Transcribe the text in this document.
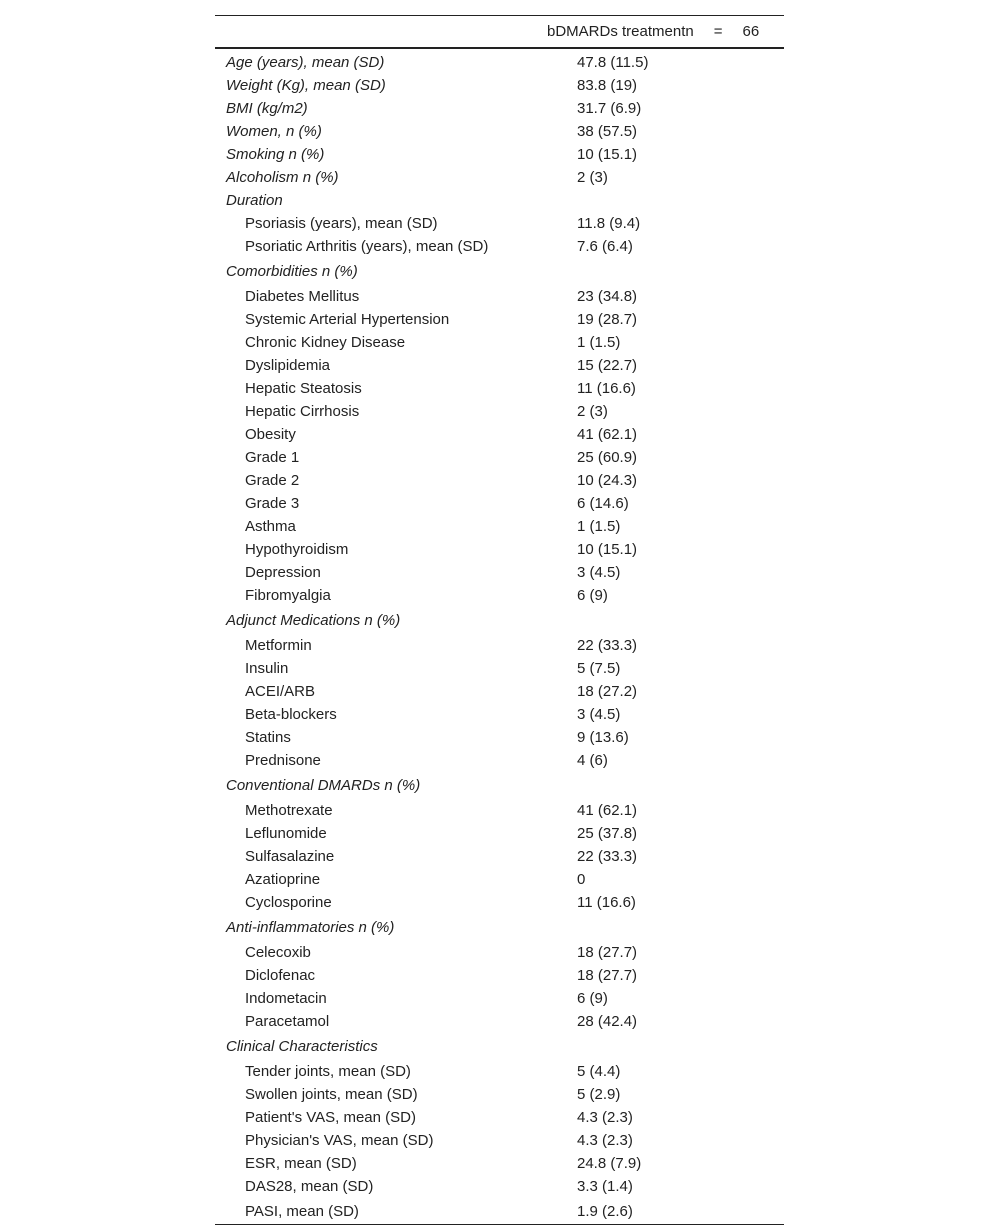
bDMARDs treatmentn = 66	
Age (years), mean (SD)	47.8 (11.5)
Weight (Kg), mean (SD)	83.8 (19)
BMI (kg/m2)	31.7 (6.9)
Women, n (%)	38 (57.5)
Smoking n (%)	10 (15.1)
Alcoholism n (%)	2 (3)
Duration	
Psoriasis (years), mean (SD)	11.8 (9.4)
Psoriatic Arthritis (years), mean (SD)	7.6 (6.4)
Comorbidities n (%)	
Diabetes Mellitus	23 (34.8)
Systemic Arterial Hypertension	19 (28.7)
Chronic Kidney Disease	1 (1.5)
Dyslipidemia	15 (22.7)
Hepatic Steatosis	11 (16.6)
Hepatic Cirrhosis	2 (3)
Obesity	41 (62.1)
Grade 1	25 (60.9)
Grade 2	10 (24.3)
Grade 3	6 (14.6)
Asthma	1 (1.5)
Hypothyroidism	10 (15.1)
Depression	3 (4.5)
Fibromyalgia	6 (9)
Adjunct Medications n (%)	
Metformin	22 (33.3)
Insulin	5 (7.5)
ACEI/ARB	18 (27.2)
Beta-blockers	3 (4.5)
Statins	9 (13.6)
Prednisone	4 (6)
Conventional DMARDs n (%)	
Methotrexate	41 (62.1)
Leflunomide	25 (37.8)
Sulfasalazine	22 (33.3)
Azatioprine	0
Cyclosporine	11 (16.6)
Anti-inflammatories n (%)	
Celecoxib	18 (27.7)
Diclofenac	18 (27.7)
Indometacin	6 (9)
Paracetamol	28 (42.4)
Clinical Characteristics	
Tender joints, mean (SD)	5 (4.4)
Swollen joints, mean (SD)	5 (2.9)
Patient's VAS, mean (SD)	4.3 (2.3)
Physician's VAS, mean (SD)	4.3 (2.3)
ESR, mean (SD)	24.8 (7.9)
DAS28, mean (SD)	3.3 (1.4)
PASI, mean (SD)	1.9 (2.6)
